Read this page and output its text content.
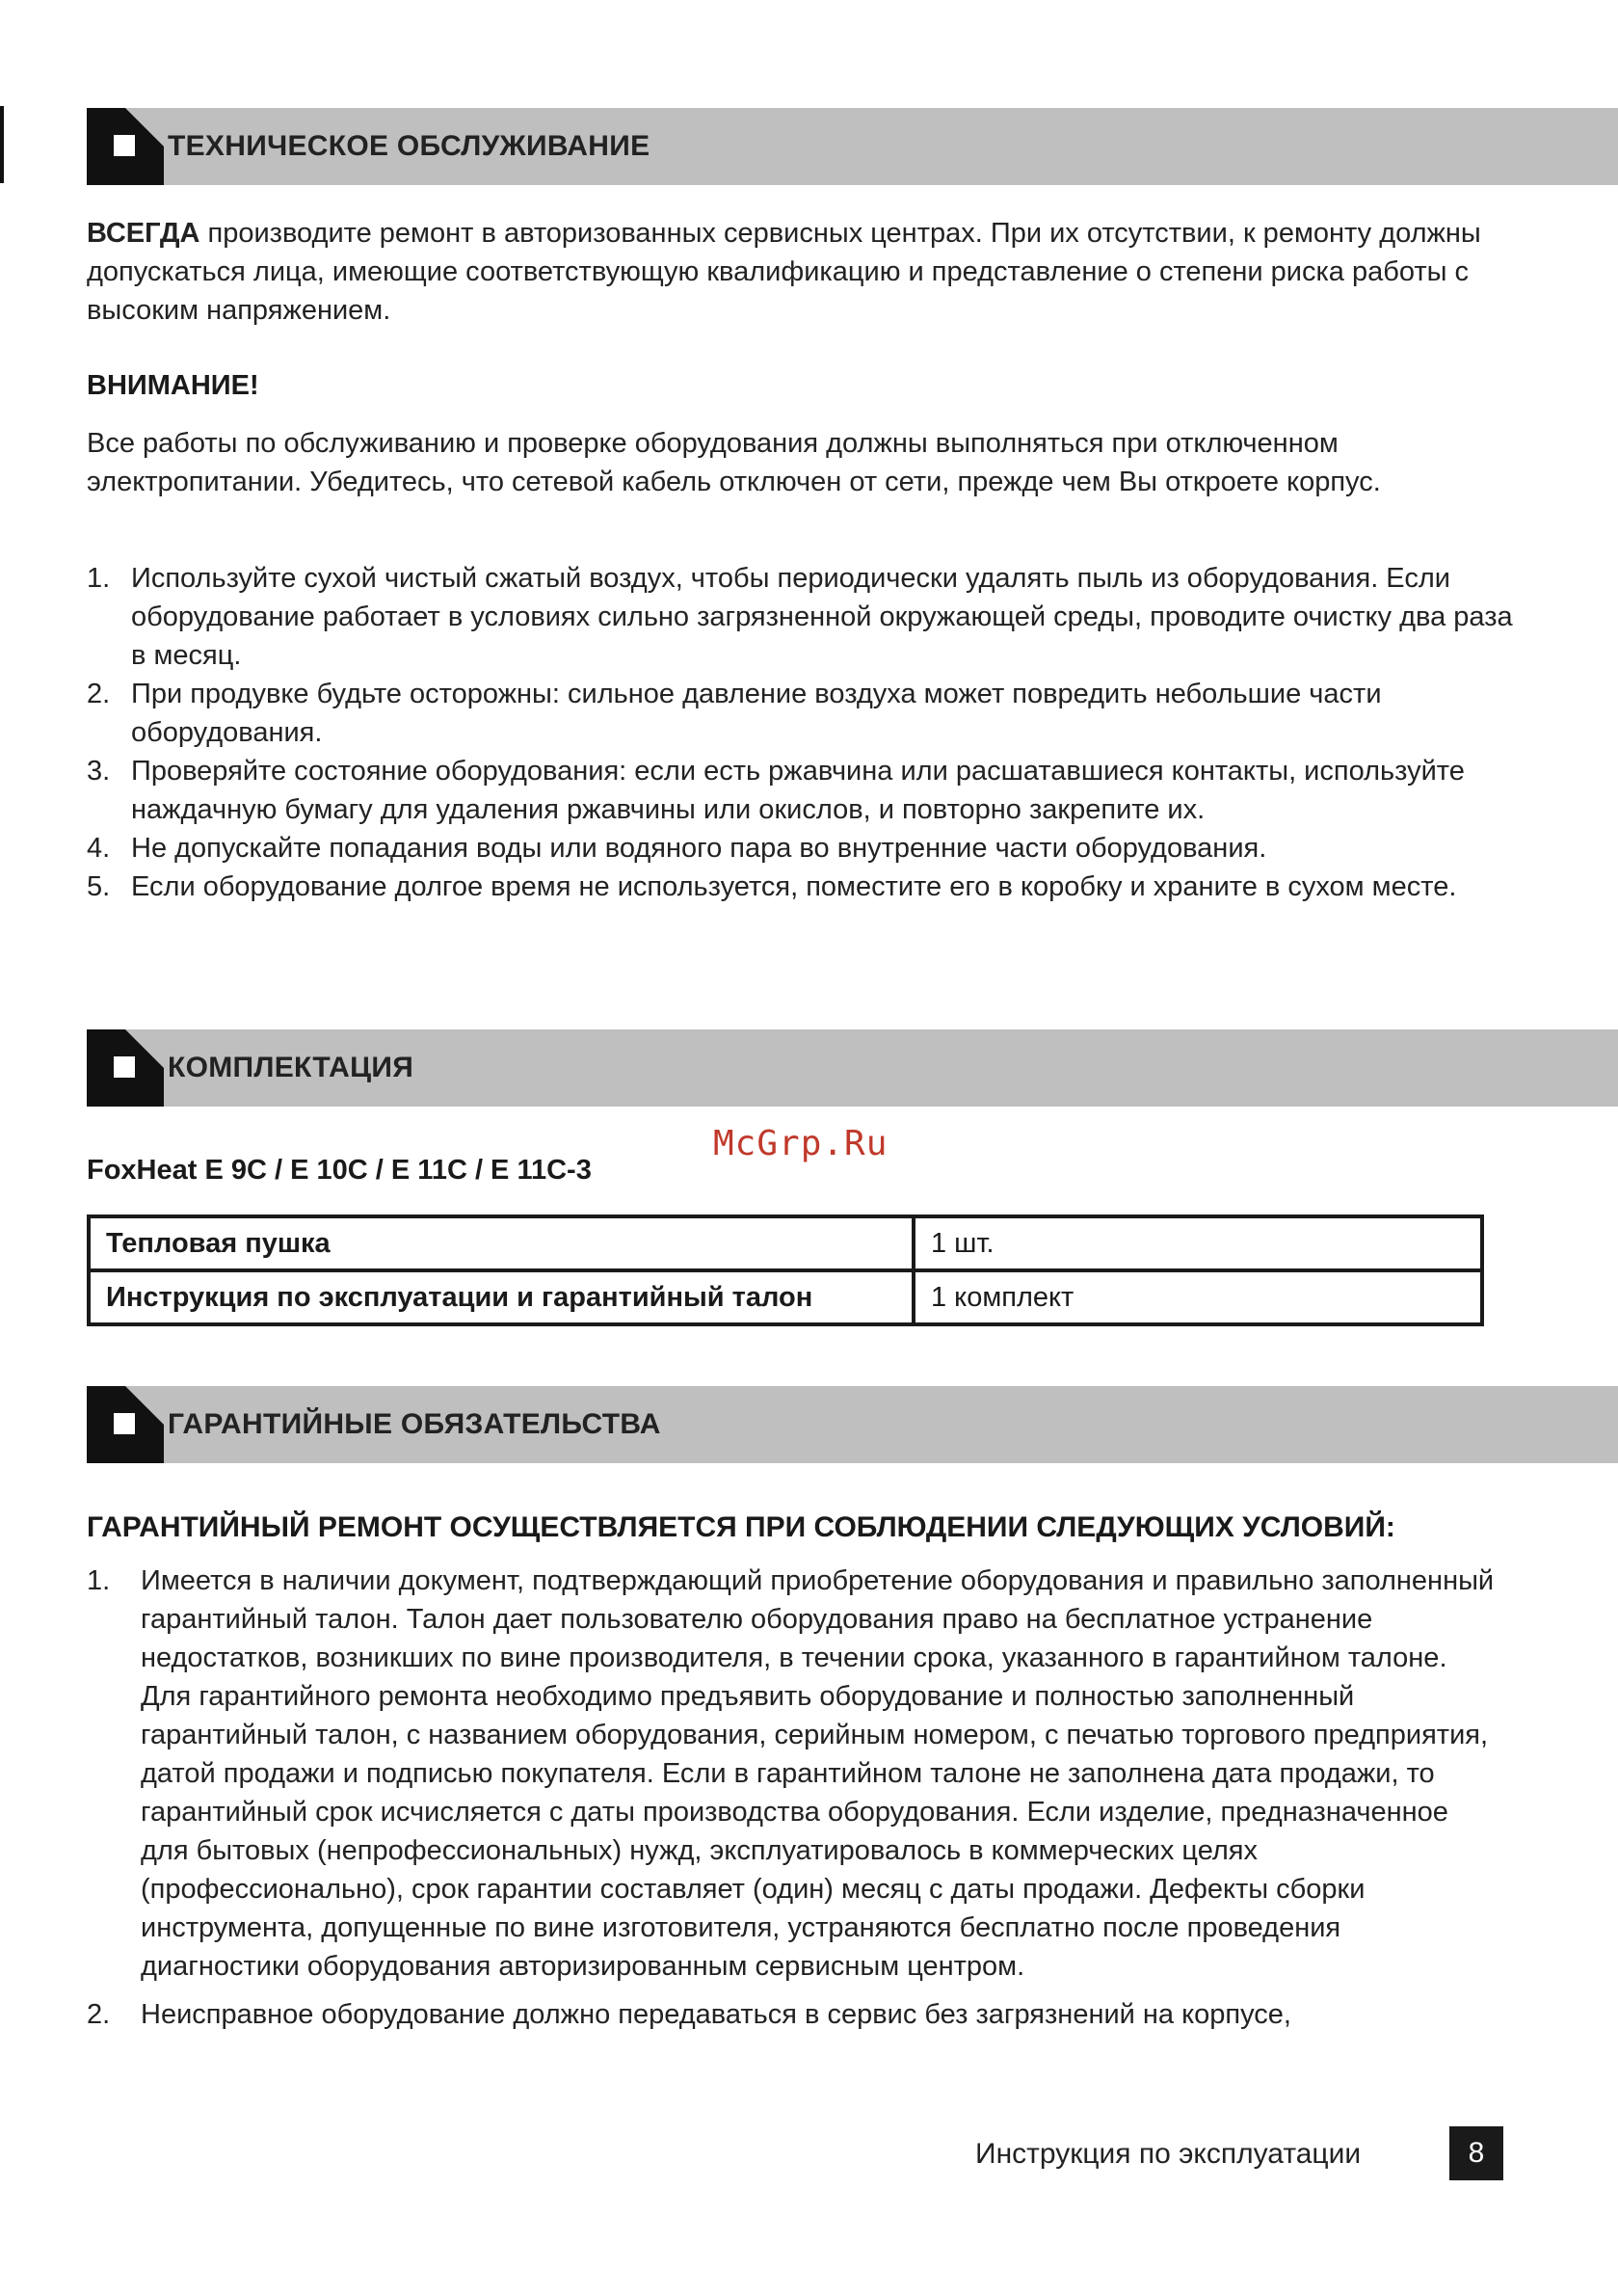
ТЕХНИЧЕСКОЕ ОБСЛУЖИВАНИЕ
ВСЕГДА производите ремонт в авторизованных сервисных центрах. При их отсутствии, к ремонту должны допускаться лица, имеющие соответствующую квалификацию и представление о степени риска работы с высоким напряжением.
ВНИМАНИЕ!
Все работы по обслуживанию и проверке оборудования должны выполняться при отключенном электропитании. Убедитесь, что сетевой кабель отключен от сети, прежде чем Вы откроете корпус.
1. Используйте сухой чистый сжатый воздух, чтобы периодически удалять пыль из оборудования. Если оборудование работает в условиях сильно загрязненной окружающей среды, проводите очистку два раза в месяц.
2. При продувке будьте осторожны: сильное давление воздуха может повредить небольшие части оборудования.
3. Проверяйте состояние оборудования: если есть ржавчина или расшатавшиеся контакты, используйте наждачную бумагу для удаления ржавчины или окислов, и повторно закрепите их.
4. Не допускайте попадания воды или водяного пара во внутренние части оборудования.
5. Если оборудование долгое время не используется, поместите его в коробку и храните в сухом месте.
КОМПЛЕКТАЦИЯ
McGrp.Ru
FoxHeat E 9C / E 10C / E 11C / E 11C-3
Тепловая пушка	1 шт.
Инструкция по эксплуатации и гарантийный талон	1 комплект
ГАРАНТИЙНЫЕ ОБЯЗАТЕЛЬСТВА
ГАРАНТИЙНЫЙ РЕМОНТ ОСУЩЕСТВЛЯЕТСЯ ПРИ СОБЛЮДЕНИИ СЛЕДУЮЩИХ УСЛОВИЙ:
1. Имеется в наличии документ, подтверждающий приобретение оборудования и правильно заполненный гарантийный талон. Талон дает пользователю оборудования право на бесплатное устранение недостатков, возникших по вине производителя, в течении срока, указанного в гарантийном талоне. Для гарантийного ремонта необходимо предъявить оборудование и полностью заполненный гарантийный талон, с названием оборудования, серийным номером, с печатью торгового предприятия, датой продажи и подписью покупателя. Если в гарантийном талоне не заполнена дата продажи, то гарантийный срок исчисляется с даты производства оборудования. Если изделие, предназначенное для бытовых (непрофессиональных) нужд, эксплуатировалось в коммерческих целях (профессионально), срок гарантии составляет (один) месяц с даты продажи. Дефекты сборки инструмента, допущенные по вине изготовителя, устраняются бесплатно после проведения диагностики оборудования авторизированным сервисным центром.
2. Неисправное оборудование должно передаваться в сервис без загрязнений на корпусе,
Инструкция по эксплуатации	8
